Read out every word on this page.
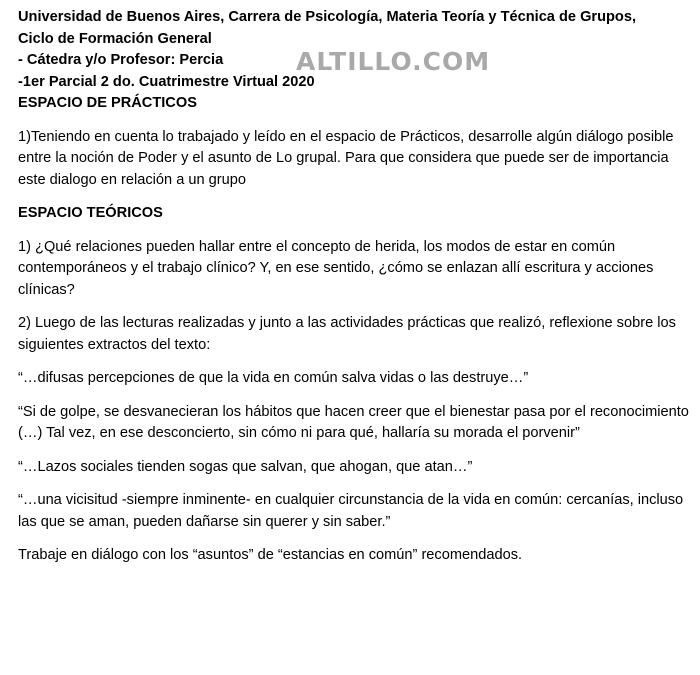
Universidad de Buenos Aires, Carrera de Psicología, Materia Teoría y Técnica de Grupos,

Ciclo de Formación General

- Cátedra y/o Profesor: Percia

-1er Parcial 2 do. Cuatrimestre Virtual 2020

ESPACIO DE PRÁCTICOS

1)Teniendo en cuenta lo trabajado y leído en el espacio de Prácticos, desarrolle algún diálogo posible entre la noción de Poder y el asunto de Lo grupal. Para que considera que puede ser de importancia este dialogo en relación a un grupo

ESPACIO TEÓRICOS

1) ¿Qué relaciones pueden hallar entre el concepto de herida, los modos de estar en común contemporáneos y el trabajo clínico? Y, en ese sentido, ¿cómo se enlazan allí escritura y acciones clínicas?

2) Luego de las lecturas realizadas y junto a las actividades prácticas que realizó, reflexione sobre los siguientes extractos del texto:

“…difusas percepciones de que la vida en común salva vidas o las destruye…”

“Si de golpe, se desvanecieran los hábitos que hacen creer que el bienestar pasa por el reconocimiento (…) Tal vez, en ese desconcierto, sin cómo ni para qué, hallaría su morada el porvenir”

“…Lazos sociales tienden sogas que salvan, que ahogan, que atan…”

“…una vicisitud -siempre inminente- en cualquier circunstancia de la vida en común: cercanías, incluso las que se aman, pueden dañarse sin querer y sin saber.”

Trabaje en diálogo con los “asuntos” de “estancias en común” recomendados.

ALTILLO.COM
